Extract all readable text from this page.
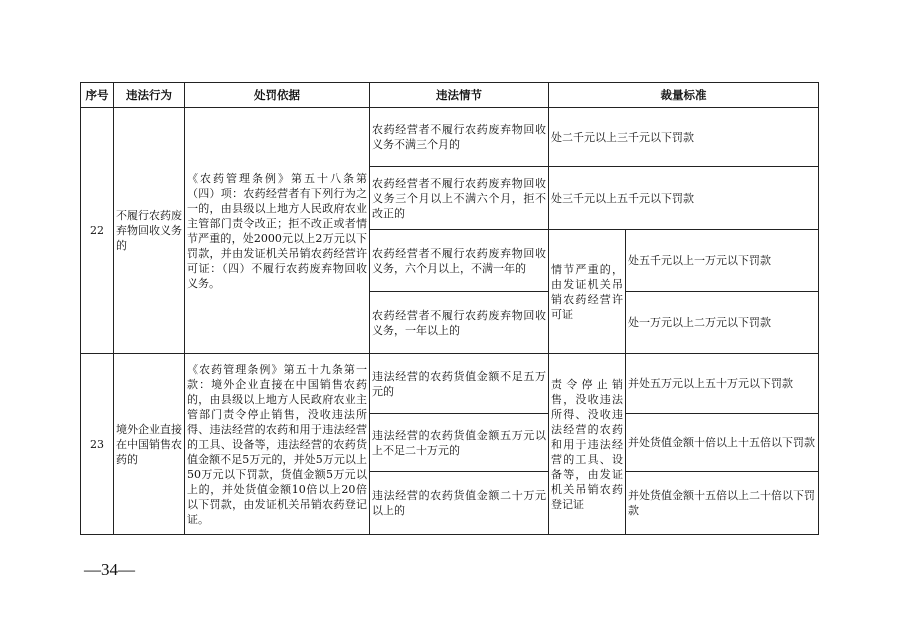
序号	违法行为	处罚依据	违法情节	裁量标准	
22	不履行农药废弃物回收义务的	《农药管理条例》第五十八条第（四）项：农药经营者有下列行为之一的，由县级以上地方人民政府农业主管部门责令改正；拒不改正或者情节严重的，处2000元以上2万元以下罚款，并由发证机关吊销农药经营许可证：（四）不履行农药废弃物回收义务。	农药经营者不履行农药废弃物回收义务不满三个月的	处二千元以上三千元以下罚款	
			农药经营者不履行农药废弃物回收义务三个月以上不满六个月，拒不改正的	处三千元以上五千元以下罚款	
			农药经营者不履行农药废弃物回收义务，六个月以上，不满一年的	情节严重的，由发证机关吊销农药经营许可证	处五千元以上一万元以下罚款
			农药经营者不履行农药废弃物回收义务，一年以上的		处一万元以上二万元以下罚款
23	境外企业直接在中国销售农药的	《农药管理条例》第五十九条第一款：境外企业直接在中国销售农药的，由县级以上地方人民政府农业主管部门责令停止销售，没收违法所得、违法经营的农药和用于违法经营的工具、设备等，违法经营的农药货值金额不足5万元的，并处5万元以上50万元以下罚款，货值金额5万元以上的，并处货值金额10倍以上20倍以下罚款，由发证机关吊销农药登记证。	违法经营的农药货值金额不足五万元的	责令停止销售，没收违法所得、没收违法经营的农药和用于违法经营的工具、设备等，由发证机关吊销农药登记证	并处五万元以上五十万元以下罚款
			违法经营的农药货值金额五万元以上不足二十万元的		并处货值金额十倍以上十五倍以下罚款
			违法经营的农药货值金额二十万元以上的		并处货值金额十五倍以上二十倍以下罚款
—34—
